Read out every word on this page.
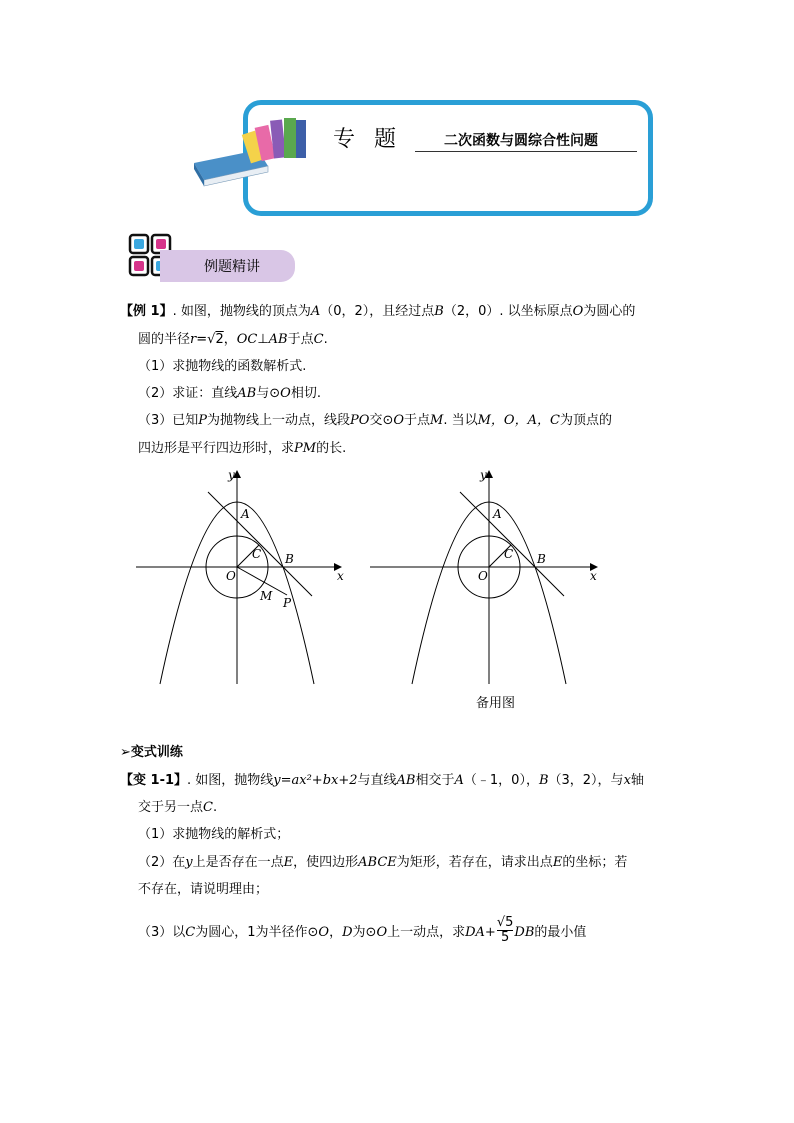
专 题	二次函数与圆综合性问题
例题精讲
【例 1】. 如图，抛物线的顶点为A（0，2），且经过点B（2，0）. 以坐标原点O为圆心的
圆的半径r=√2，OC⊥AB于点C.
（1）求抛物线的函数解析式.
（2）求证：直线AB与⊙O相切.
（3）已知P为抛物线上一动点，线段PO交⊙O于点M. 当以M，O，A，C为顶点的
四边形是平行四边形时，求PM的长.
y
x
A
B
C
O
M P
y
x
A
B
C
O
备用图
➢变式训练
【变 1-1】. 如图，抛物线y=ax²+bx+2与直线AB相交于A（﹣1，0），B（3，2），与x轴
交于另一点C.
（1）求抛物线的解析式；
（2）在y上是否存在一点E，使四边形ABCE为矩形，若存在，请求出点E的坐标；若
不存在，请说明理由；
（3）以C为圆心，1为半径作⊙O，D为⊙O上一动点，求$DA+ \frac{√5}{5}$ DB的最小值
